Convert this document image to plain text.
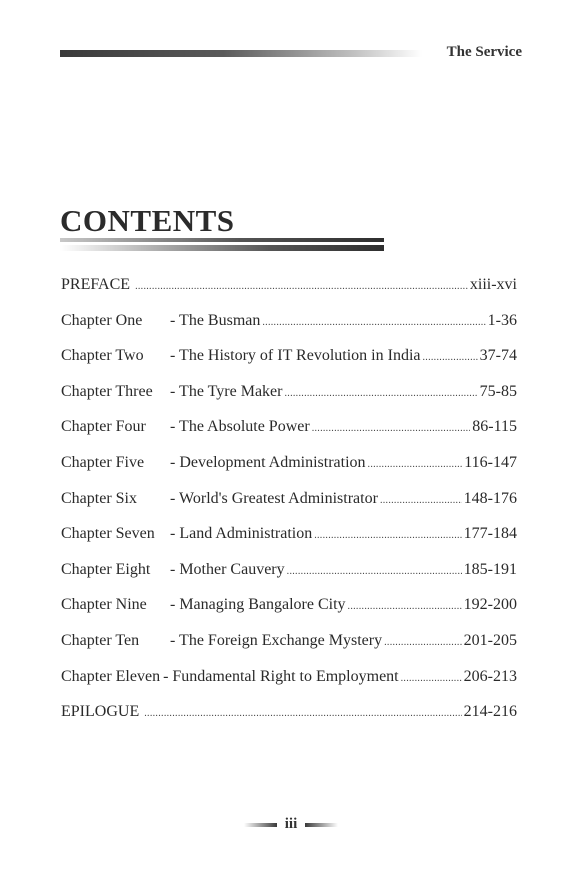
The Service
CONTENTS
PREFACE .....	xiii-xvi
Chapter One	- The Busman .....	1-36
Chapter Two	- The History of IT Revolution in India .....	37-74
Chapter Three	- The Tyre Maker .....	75-85
Chapter Four	- The Absolute Power .....	86-115
Chapter Five	- Development Administration .....	116-147
Chapter Six	- World's Greatest Administrator .....	148-176
Chapter Seven - Land Administration .....	177-184
Chapter Eight	- Mother Cauvery .....	185-191
Chapter Nine	- Managing Bangalore City .....	192-200
Chapter Ten	- The Foreign Exchange Mystery .....	201-205
Chapter Eleven - Fundamental Right to Employment .....	206-213
EPILOGUE .....	214-216
iii
